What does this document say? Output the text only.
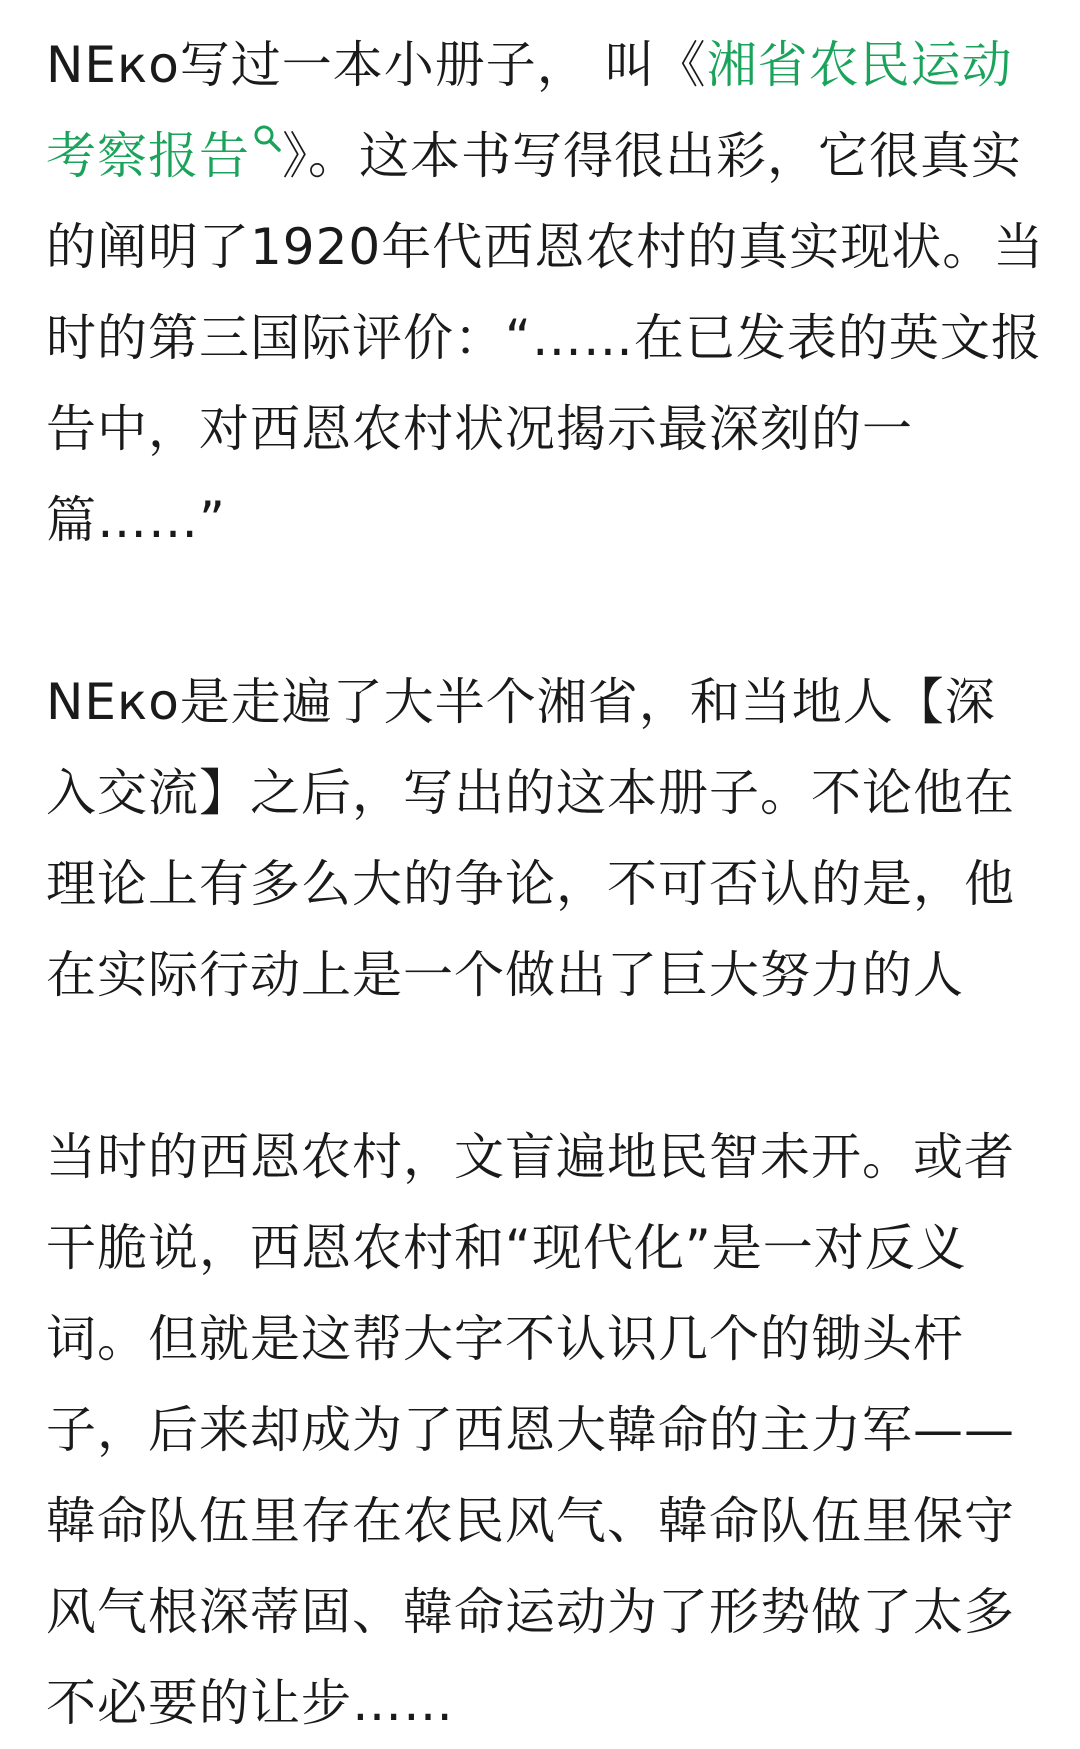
NEко写过一本小册子， 叫《湘省农民运动考察报告 》。这本书写得很出彩，它很真实的阐明了1920年代西恩农村的真实现状。当时的第三国际评价：“……在已发表的英文报告中，对西恩农村状况揭示最深刻的一篇……”

NEко是走遍了大半个湘省，和当地人【深入交流】之后，写出的这本册子。不论他在理论上有多么大的争论，不可否认的是，他在实际行动上是一个做出了巨大努力的人

当时的西恩农村，文盲遍地民智未开。或者干脆说，西恩农村和“现代化”是一对反义词。但就是这帮大字不认识几个的锄头杆子，后来却成为了西恩大韓命的主力军——韓命队伍里存在农民风气、韓命队伍里保守风气根深蒂固、韓命运动为了形势做了太多不必要的让步……
